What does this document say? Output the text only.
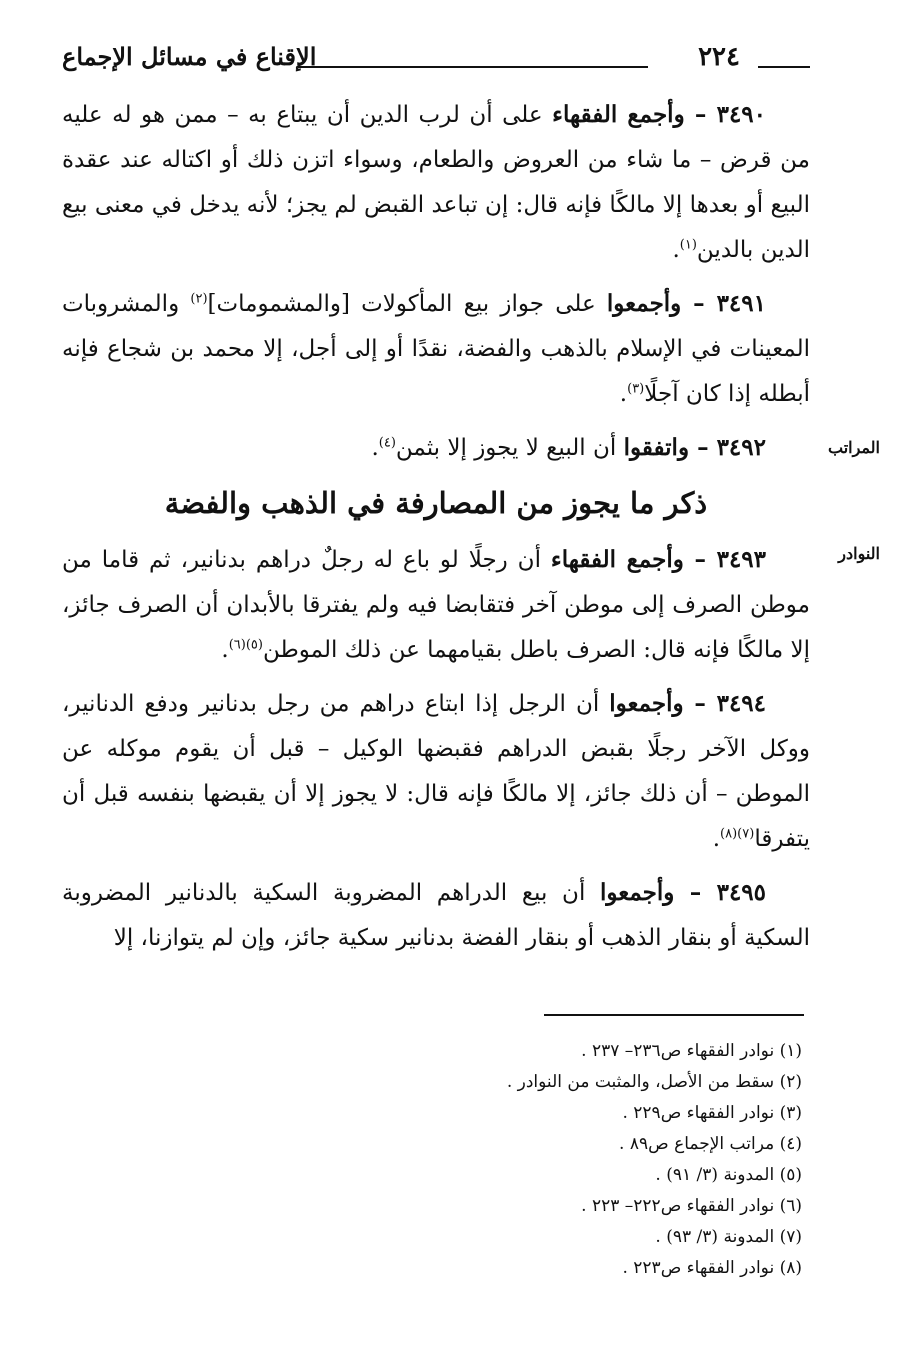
٢٢٤
الإقناع في مسائل الإجماع
المراتب
النوادر

٣٤٩٠ – وأجمع الفقهاء على أن لرب الدين أن يبتاع به – ممن هو له عليه من قرض – ما شاء من العروض والطعام، وسواء اتزن ذلك أو اكتاله عند عقدة البيع أو بعدها إلا مالكًا فإنه قال: إن تباعد القبض لم يجز؛ لأنه يدخل في معنى بيع الدين بالدين$^{(١)}$.

٣٤٩١ – وأجمعوا على جواز بيع المأكولات [والمشمومات]$^{(٢)}$ والمشروبات المعينات في الإسلام بالذهب والفضة، نقدًا أو إلى أجل، إلا محمد بن شجاع فإنه أبطله إذا كان آجلًا$^{(٣)}$.

٣٤٩٢ – واتفقوا أن البيع لا يجوز إلا بثمن$^{(٤)}$.

ذكر ما يجوز من المصارفة في الذهب والفضة

٣٤٩٣ – وأجمع الفقهاء أن رجلًا لو باع له رجلٌ دراهم بدنانير، ثم قاما من موطن الصرف إلى موطن آخر فتقابضا فيه ولم يفترقا بالأبدان أن الصرف جائز، إلا مالكًا فإنه قال: الصرف باطل بقيامهما عن ذلك الموطن$^{(٥)(٦)}$.

٣٤٩٤ – وأجمعوا أن الرجل إذا ابتاع دراهم من رجل بدنانير ودفع الدنانير، ووكل الآخر رجلًا بقبض الدراهم فقبضها الوكيل – قبل أن يقوم موكله عن الموطن – أن ذلك جائز، إلا مالكًا فإنه قال: لا يجوز إلا أن يقبضها بنفسه قبل أن يتفرقا$^{(٧)(٨)}$.

٣٤٩٥ – وأجمعوا أن بيع الدراهم المضروبة السكية بالدنانير المضروبة السكية أو بنقار الذهب أو بنقار الفضة بدنانير سكية جائز، وإن لم يتوازنا، إلا

(١) نوادر الفقهاء ص٢٣٦– ٢٣٧ .
(٢) سقط من الأصل، والمثبت من النوادر .
(٣) نوادر الفقهاء ص٢٢٩ .
(٤) مراتب الإجماع ص٨٩ .
(٥) المدونة (٣/ ٩١) .
(٦) نوادر الفقهاء ص٢٢٢– ٢٢٣ .
(٧) المدونة (٣/ ٩٣) .
(٨) نوادر الفقهاء ص٢٢٣ .
